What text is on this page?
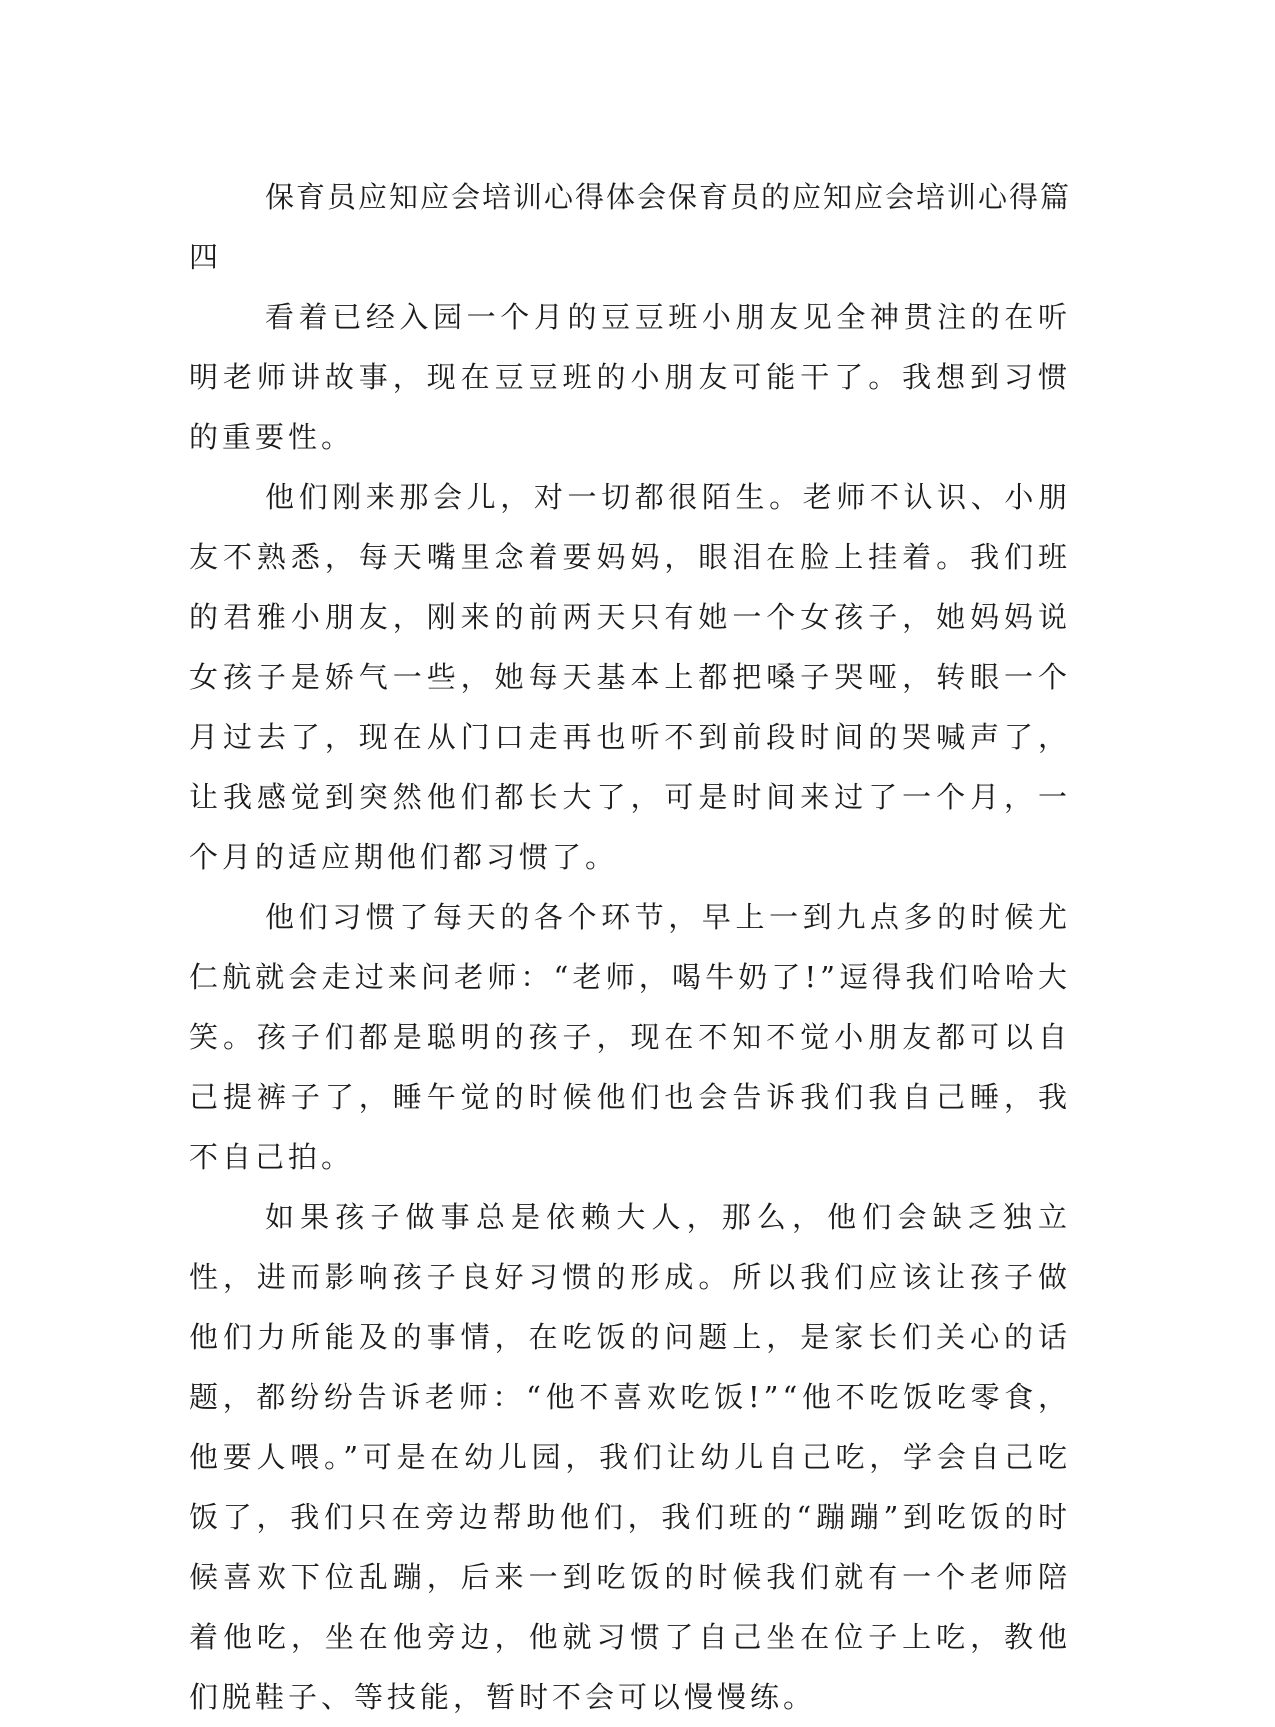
保育员应知应会培训心得体会保育员的应知应会培训心得篇四

看着已经入园一个月的豆豆班小朋友见全神贯注的在听明老师讲故事，现在豆豆班的小朋友可能干了。我想到习惯的重要性。

他们刚来那会儿，对一切都很陌生。老师不认识、小朋友不熟悉，每天嘴里念着要妈妈，眼泪在脸上挂着。我们班的君雅小朋友，刚来的前两天只有她一个女孩子，她妈妈说女孩子是娇气一些，她每天基本上都把嗓子哭哑，转眼一个月过去了，现在从门口走再也听不到前段时间的哭喊声了，让我感觉到突然他们都长大了，可是时间来过了一个月，一个月的适应期他们都习惯了。

他们习惯了每天的各个环节，早上一到九点多的时候尤仁航就会走过来问老师：“老师，喝牛奶了!”逗得我们哈哈大笑。孩子们都是聪明的孩子，现在不知不觉小朋友都可以自己提裤子了，睡午觉的时候他们也会告诉我们我自己睡，我不自己拍。

如果孩子做事总是依赖大人，那么，他们会缺乏独立性，进而影响孩子良好习惯的形成。所以我们应该让孩子做他们力所能及的事情，在吃饭的问题上，是家长们关心的话题，都纷纷告诉老师：“他不喜欢吃饭!”“他不吃饭吃零食，他要人喂。”可是在幼儿园，我们让幼儿自己吃，学会自己吃饭了，我们只在旁边帮助他们，我们班的“蹦蹦”到吃饭的时候喜欢下位乱蹦，后来一到吃饭的时候我们就有一个老师陪着他吃，坐在他旁边，他就习惯了自己坐在位子上吃，教他们脱鞋子、等技能，暂时不会可以慢慢练。
